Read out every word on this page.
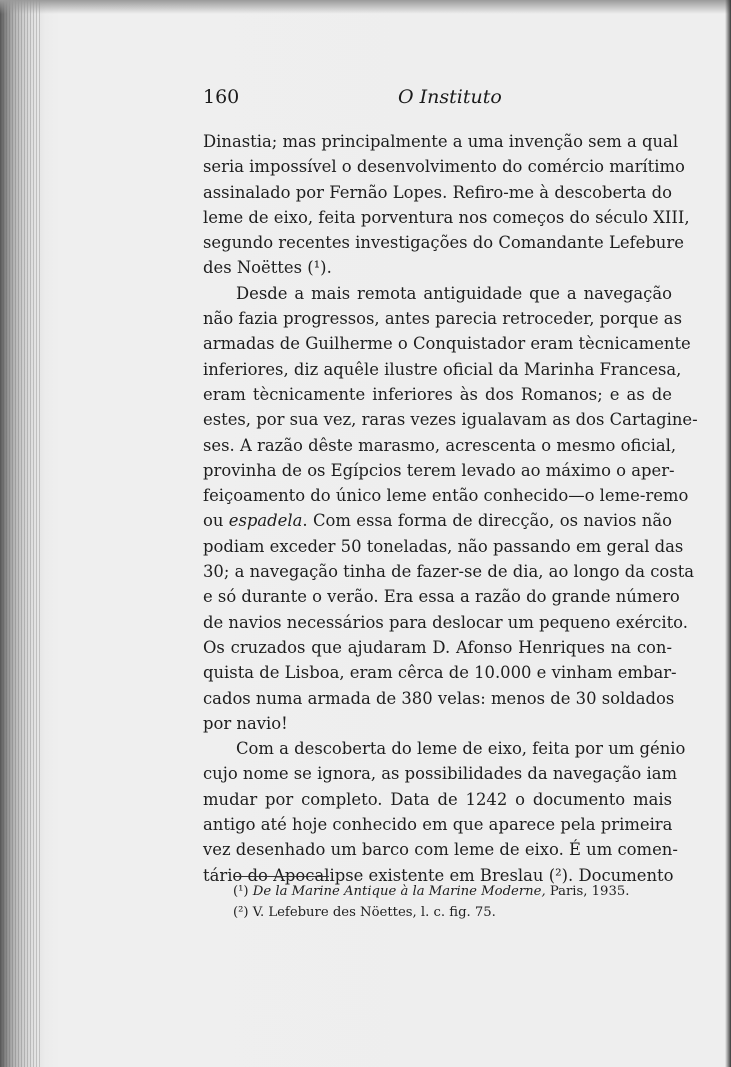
160	O Instituto
Dinastia; mas principalmente a uma invenção sem a qual
seria impossível o desenvolvimento do comércio marítimo
assinalado por Fernão Lopes. Refiro-me à descoberta do
leme de eixo, feita porventura nos começos do século XIII,
segundo recentes investigações do Comandante Lefebure
des Noëttes (¹).
Desde a mais remota antiguidade que a navegação
não fazia progressos, antes parecia retroceder, porque as
armadas de Guilherme o Conquistador eram tècnicamente
inferiores, diz aquêle ilustre oficial da Marinha Francesa,
eram tècnicamente inferiores às dos Romanos; e as de
estes, por sua vez, raras vezes igualavam as dos Cartagine-
ses. A razão dêste marasmo, acrescenta o mesmo oficial,
provinha de os Egípcios terem levado ao máximo o aper-
feiçoamento do único leme então conhecido—o leme-remo
ou espadela. Com essa forma de direcção, os navios não
podiam exceder 50 toneladas, não passando em geral das
30; a navegação tinha de fazer-se de dia, ao longo da costa
e só durante o verão. Era essa a razão do grande número
de navios necessários para deslocar um pequeno exército.
Os cruzados que ajudaram D. Afonso Henriques na con-
quista de Lisboa, eram cêrca de 10.000 e vinham embar-
cados numa armada de 380 velas: menos de 30 soldados
por navio!
Com a descoberta do leme de eixo, feita por um génio
cujo nome se ignora, as possibilidades da navegação iam
mudar por completo. Data de 1242 o documento mais
antigo até hoje conhecido em que aparece pela primeira
vez desenhado um barco com leme de eixo. É um comen-
tário do Apocalipse existente em Breslau (²). Documento
(¹) De la Marine Antique à la Marine Moderne, Paris, 1935.
(²) V. Lefebure des Nöettes, l. c. fig. 75.
